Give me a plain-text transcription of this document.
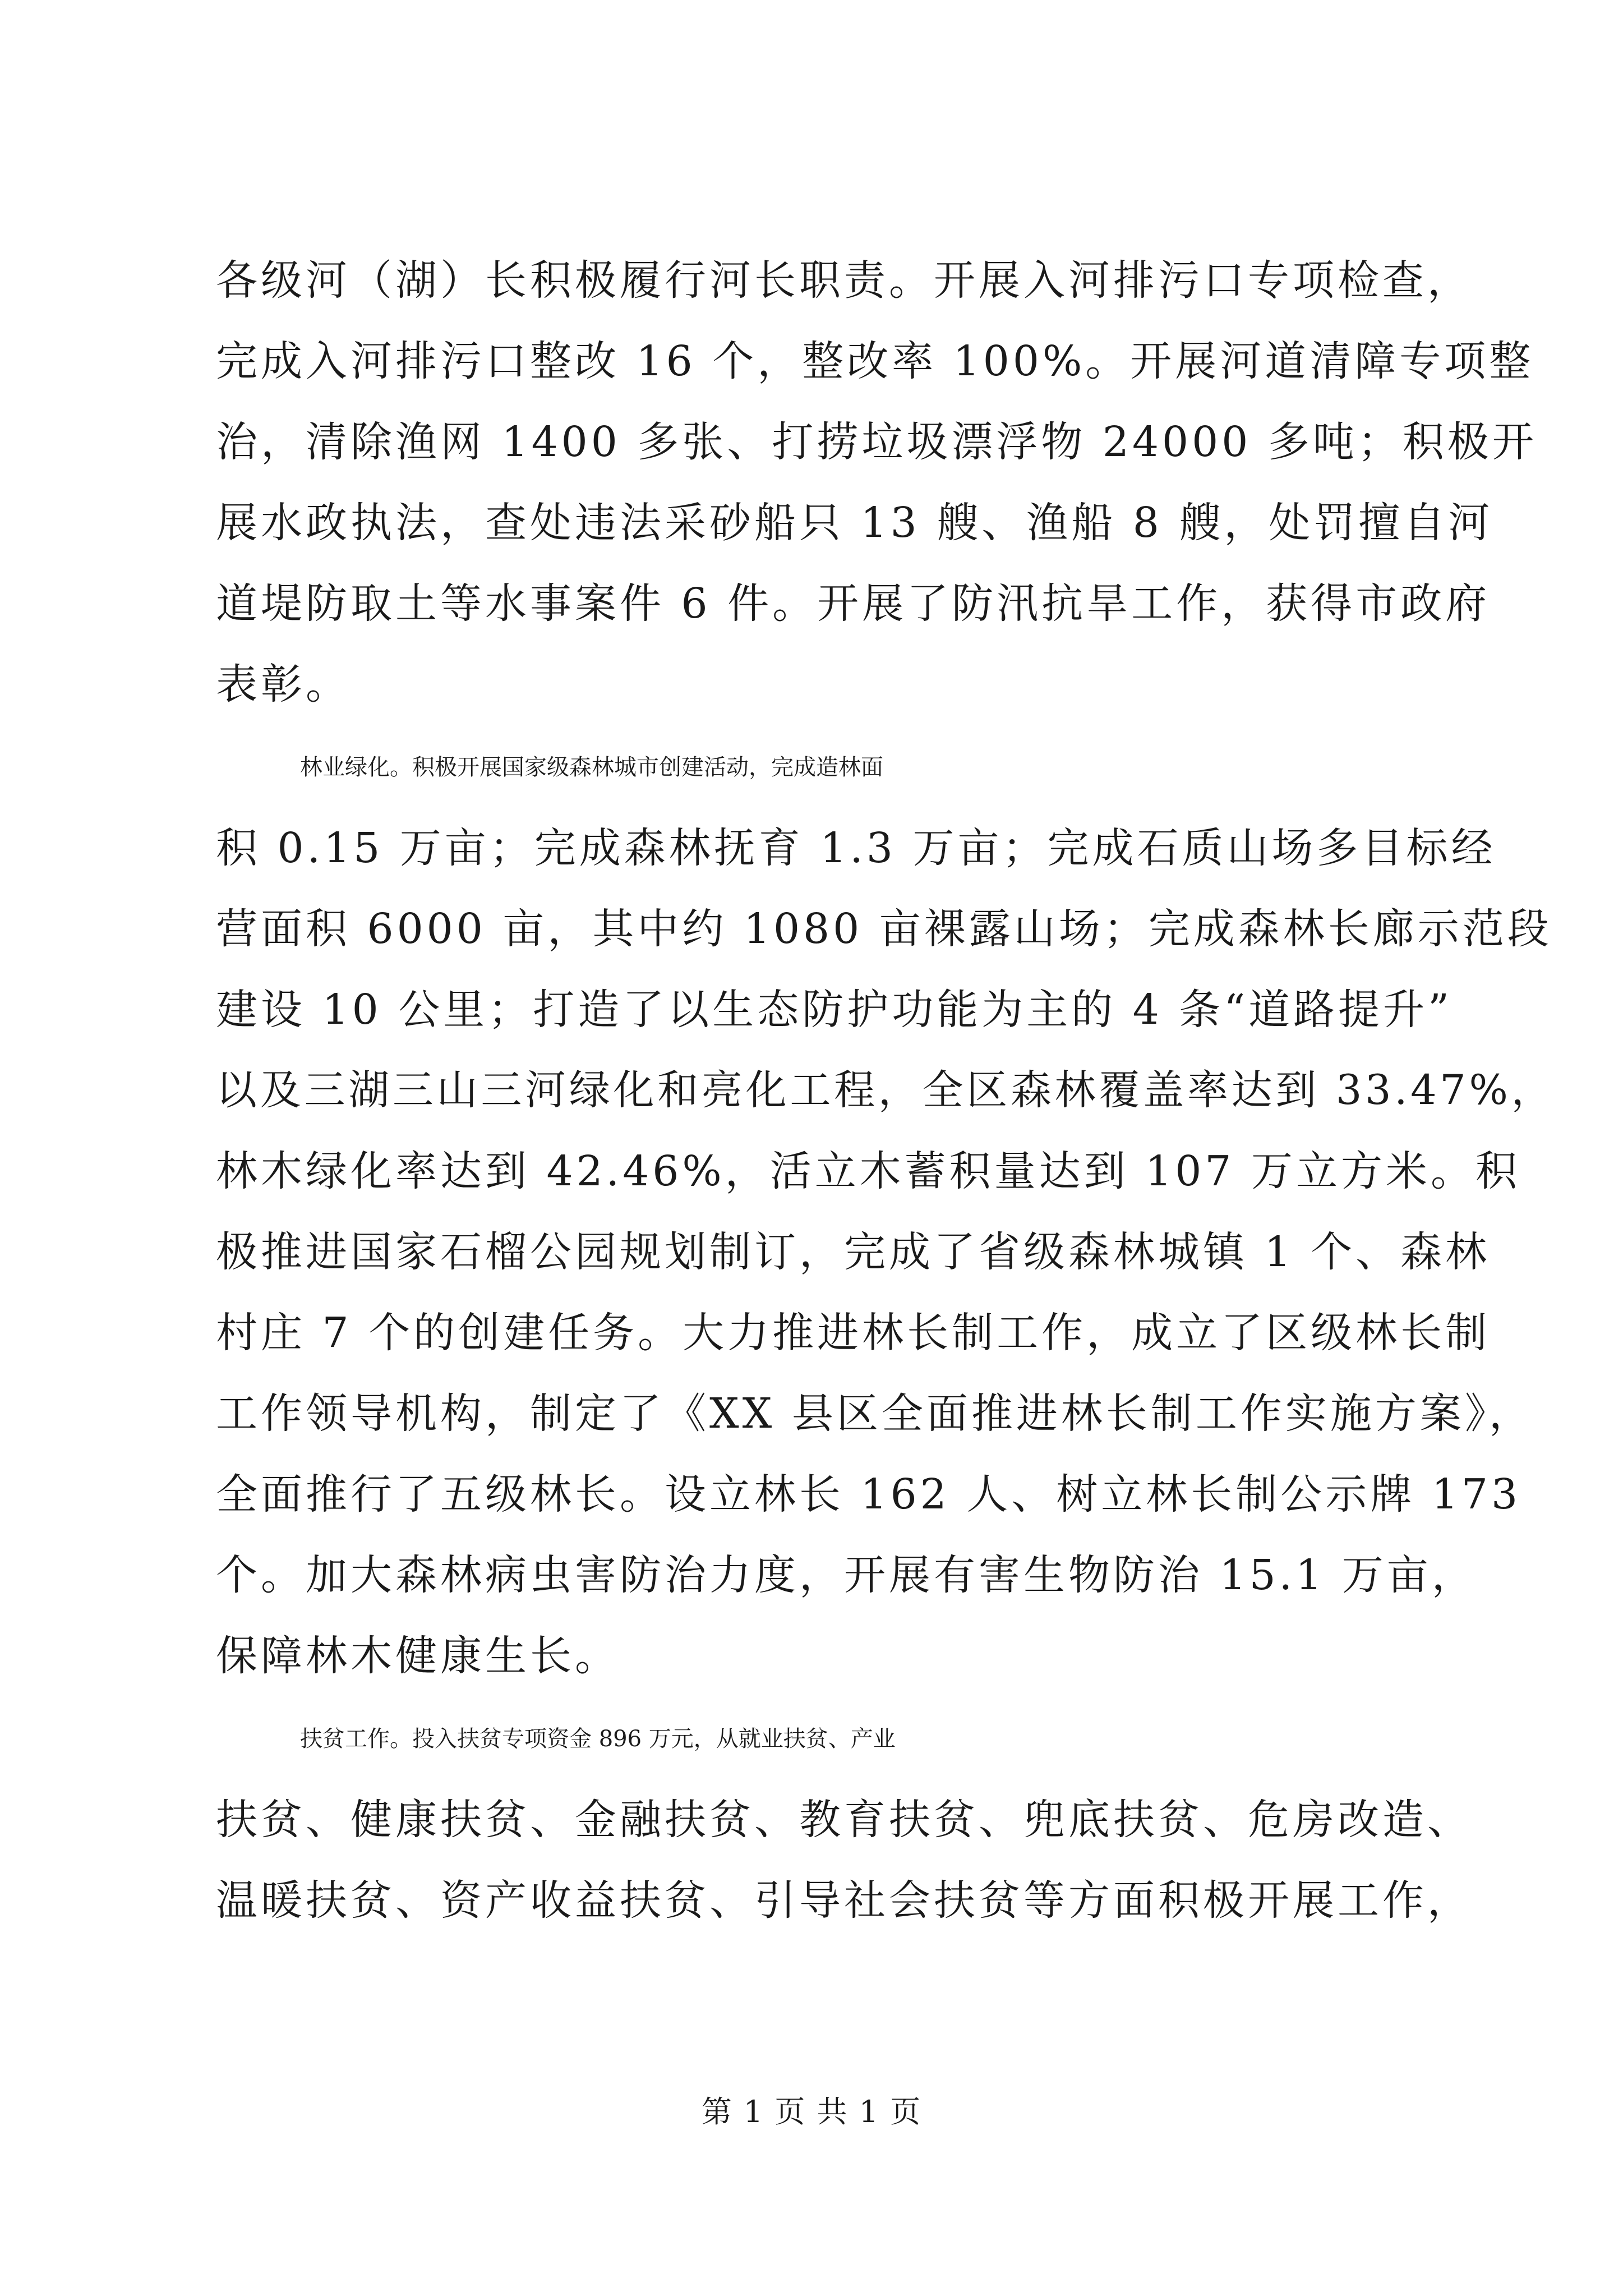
各级河（湖）长积极履行河长职责。开展入河排污口专项检查，
完成入河排污口整改 16 个，整改率 100%。开展河道清障专项整
治，清除渔网 1400 多张、打捞垃圾漂浮物 24000 多吨；积极开
展水政执法，查处违法采砂船只 13 艘、渔船 8 艘，处罚擅自河
道堤防取土等水事案件 6 件。开展了防汛抗旱工作，获得市政府
表彰。
林业绿化。积极开展国家级森林城市创建活动，完成造林面
积 0.15 万亩；完成森林抚育 1.3 万亩；完成石质山场多目标经
营面积 6000 亩，其中约 1080 亩裸露山场；完成森林长廊示范段
建设 10 公里；打造了以生态防护功能为主的 4 条“道路提升”
以及三湖三山三河绿化和亮化工程，全区森林覆盖率达到 33.47%，
林木绿化率达到 42.46%，活立木蓄积量达到 107 万立方米。积
极推进国家石榴公园规划制订，完成了省级森林城镇 1 个、森林
村庄 7 个的创建任务。大力推进林长制工作，成立了区级林长制
工作领导机构，制定了《XX 县区全面推进林长制工作实施方案》，
全面推行了五级林长。设立林长 162 人、树立林长制公示牌 173
个。加大森林病虫害防治力度，开展有害生物防治 15.1 万亩，
保障林木健康生长。
扶贫工作。投入扶贫专项资金 896 万元，从就业扶贫、产业
扶贫、健康扶贫、金融扶贫、教育扶贫、兜底扶贫、危房改造、
温暖扶贫、资产收益扶贫、引导社会扶贫等方面积极开展工作，
第 1 页 共 1 页
